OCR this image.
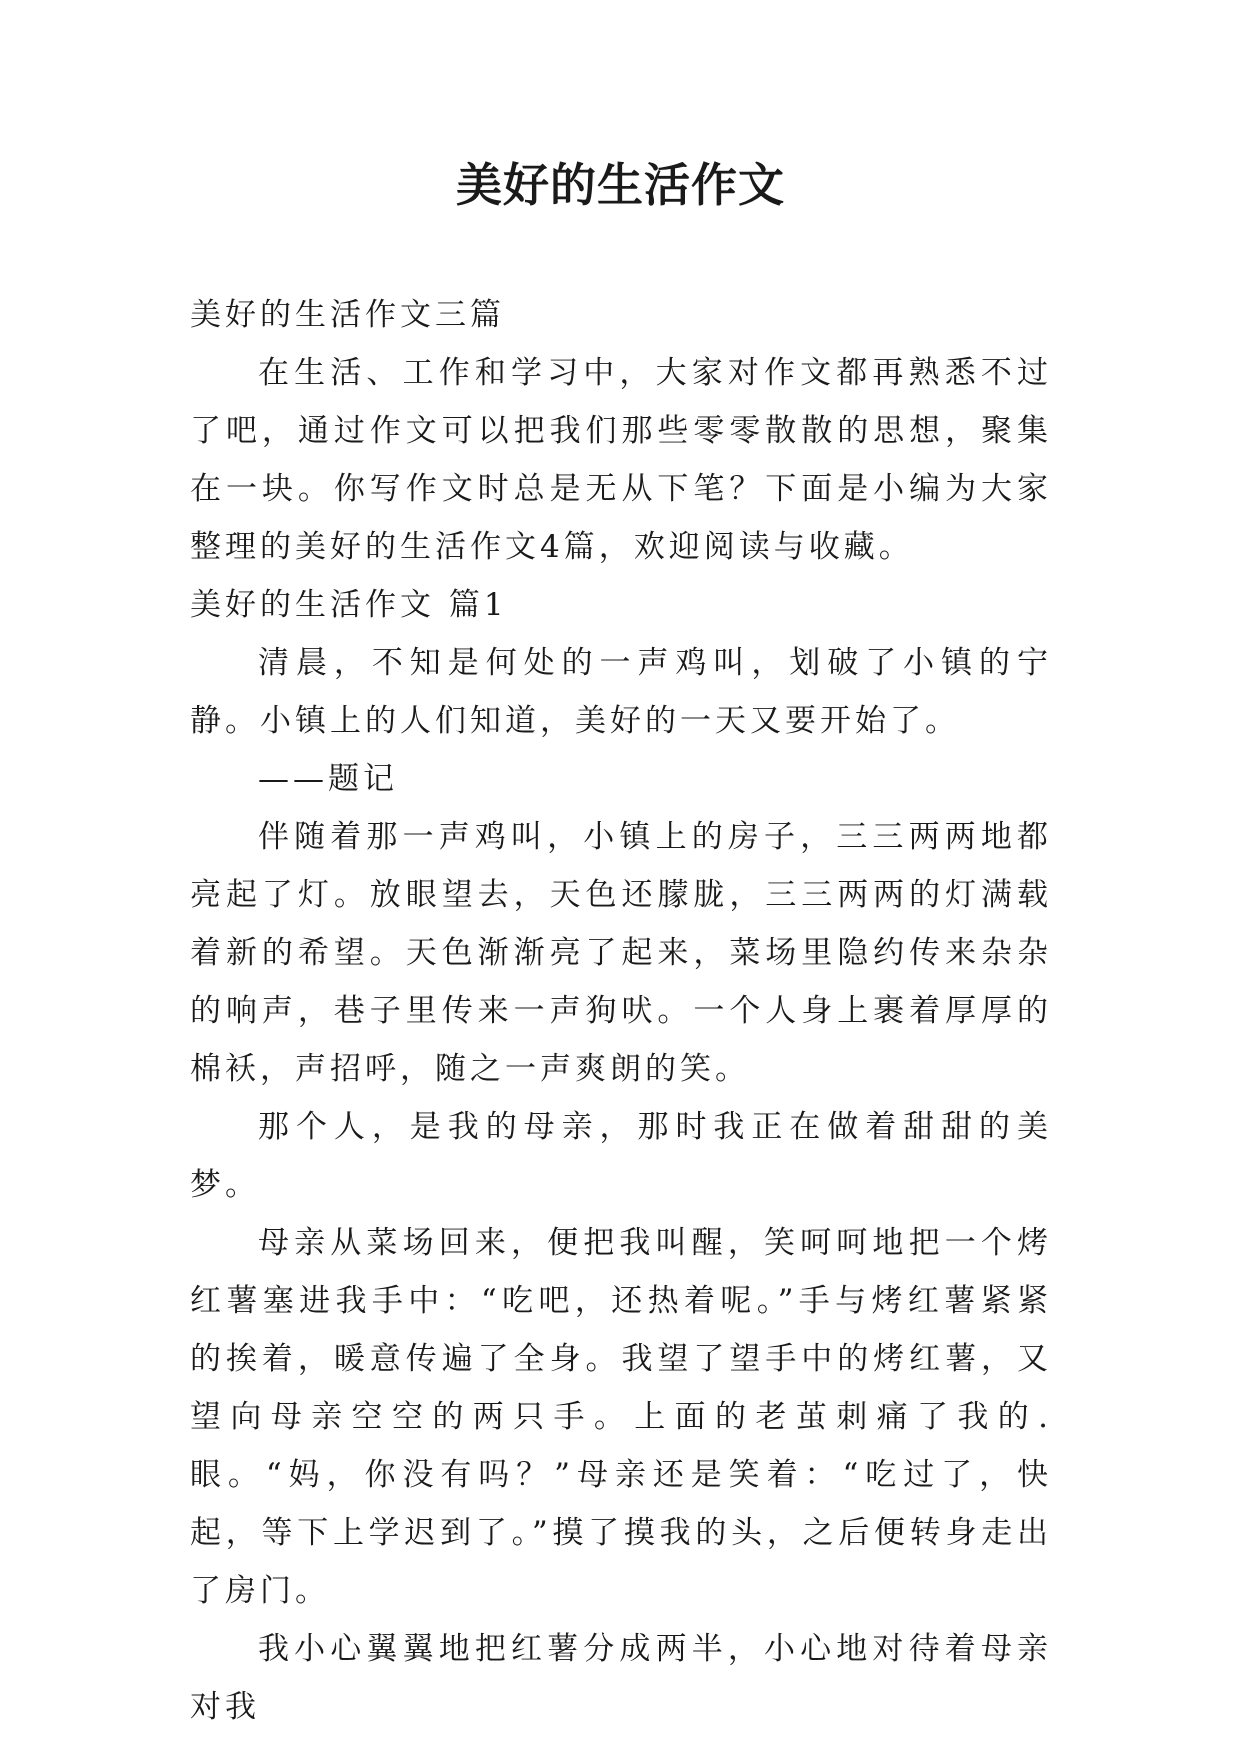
美好的生活作文

美好的生活作文三篇

在生活、工作和学习中，大家对作文都再熟悉不过了吧，通过作文可以把我们那些零零散散的思想，聚集在一块。你写作文时总是无从下笔？下面是小编为大家整理的美好的生活作文4篇，欢迎阅读与收藏。

美好的生活作文 篇1

清晨，不知是何处的一声鸡叫，划破了小镇的宁静。小镇上的人们知道，美好的一天又要开始了。

——题记

伴随着那一声鸡叫，小镇上的房子，三三两两地都亮起了灯。放眼望去，天色还朦胧，三三两两的灯满载着新的希望。天色渐渐亮了起来，菜场里隐约传来杂杂的响声，巷子里传来一声狗吠。一个人身上裹着厚厚的棉袄，声招呼，随之一声爽朗的笑。

那个人，是我的母亲，那时我正在做着甜甜的美梦。

母亲从菜场回来，便把我叫醒，笑呵呵地把一个烤红薯塞进我手中：“吃吧，还热着呢。”手与烤红薯紧紧的挨着，暖意传遍了全身。我望了望手中的烤红薯，又望向母亲空空的两只手。上面的老茧刺痛了我的.眼。“妈，你没有吗？”母亲还是笑着：“吃过了，快起，等下上学迟到了。”摸了摸我的头，之后便转身走出了房门。

我小心翼翼地把红薯分成两半，小心地对待着母亲对我
